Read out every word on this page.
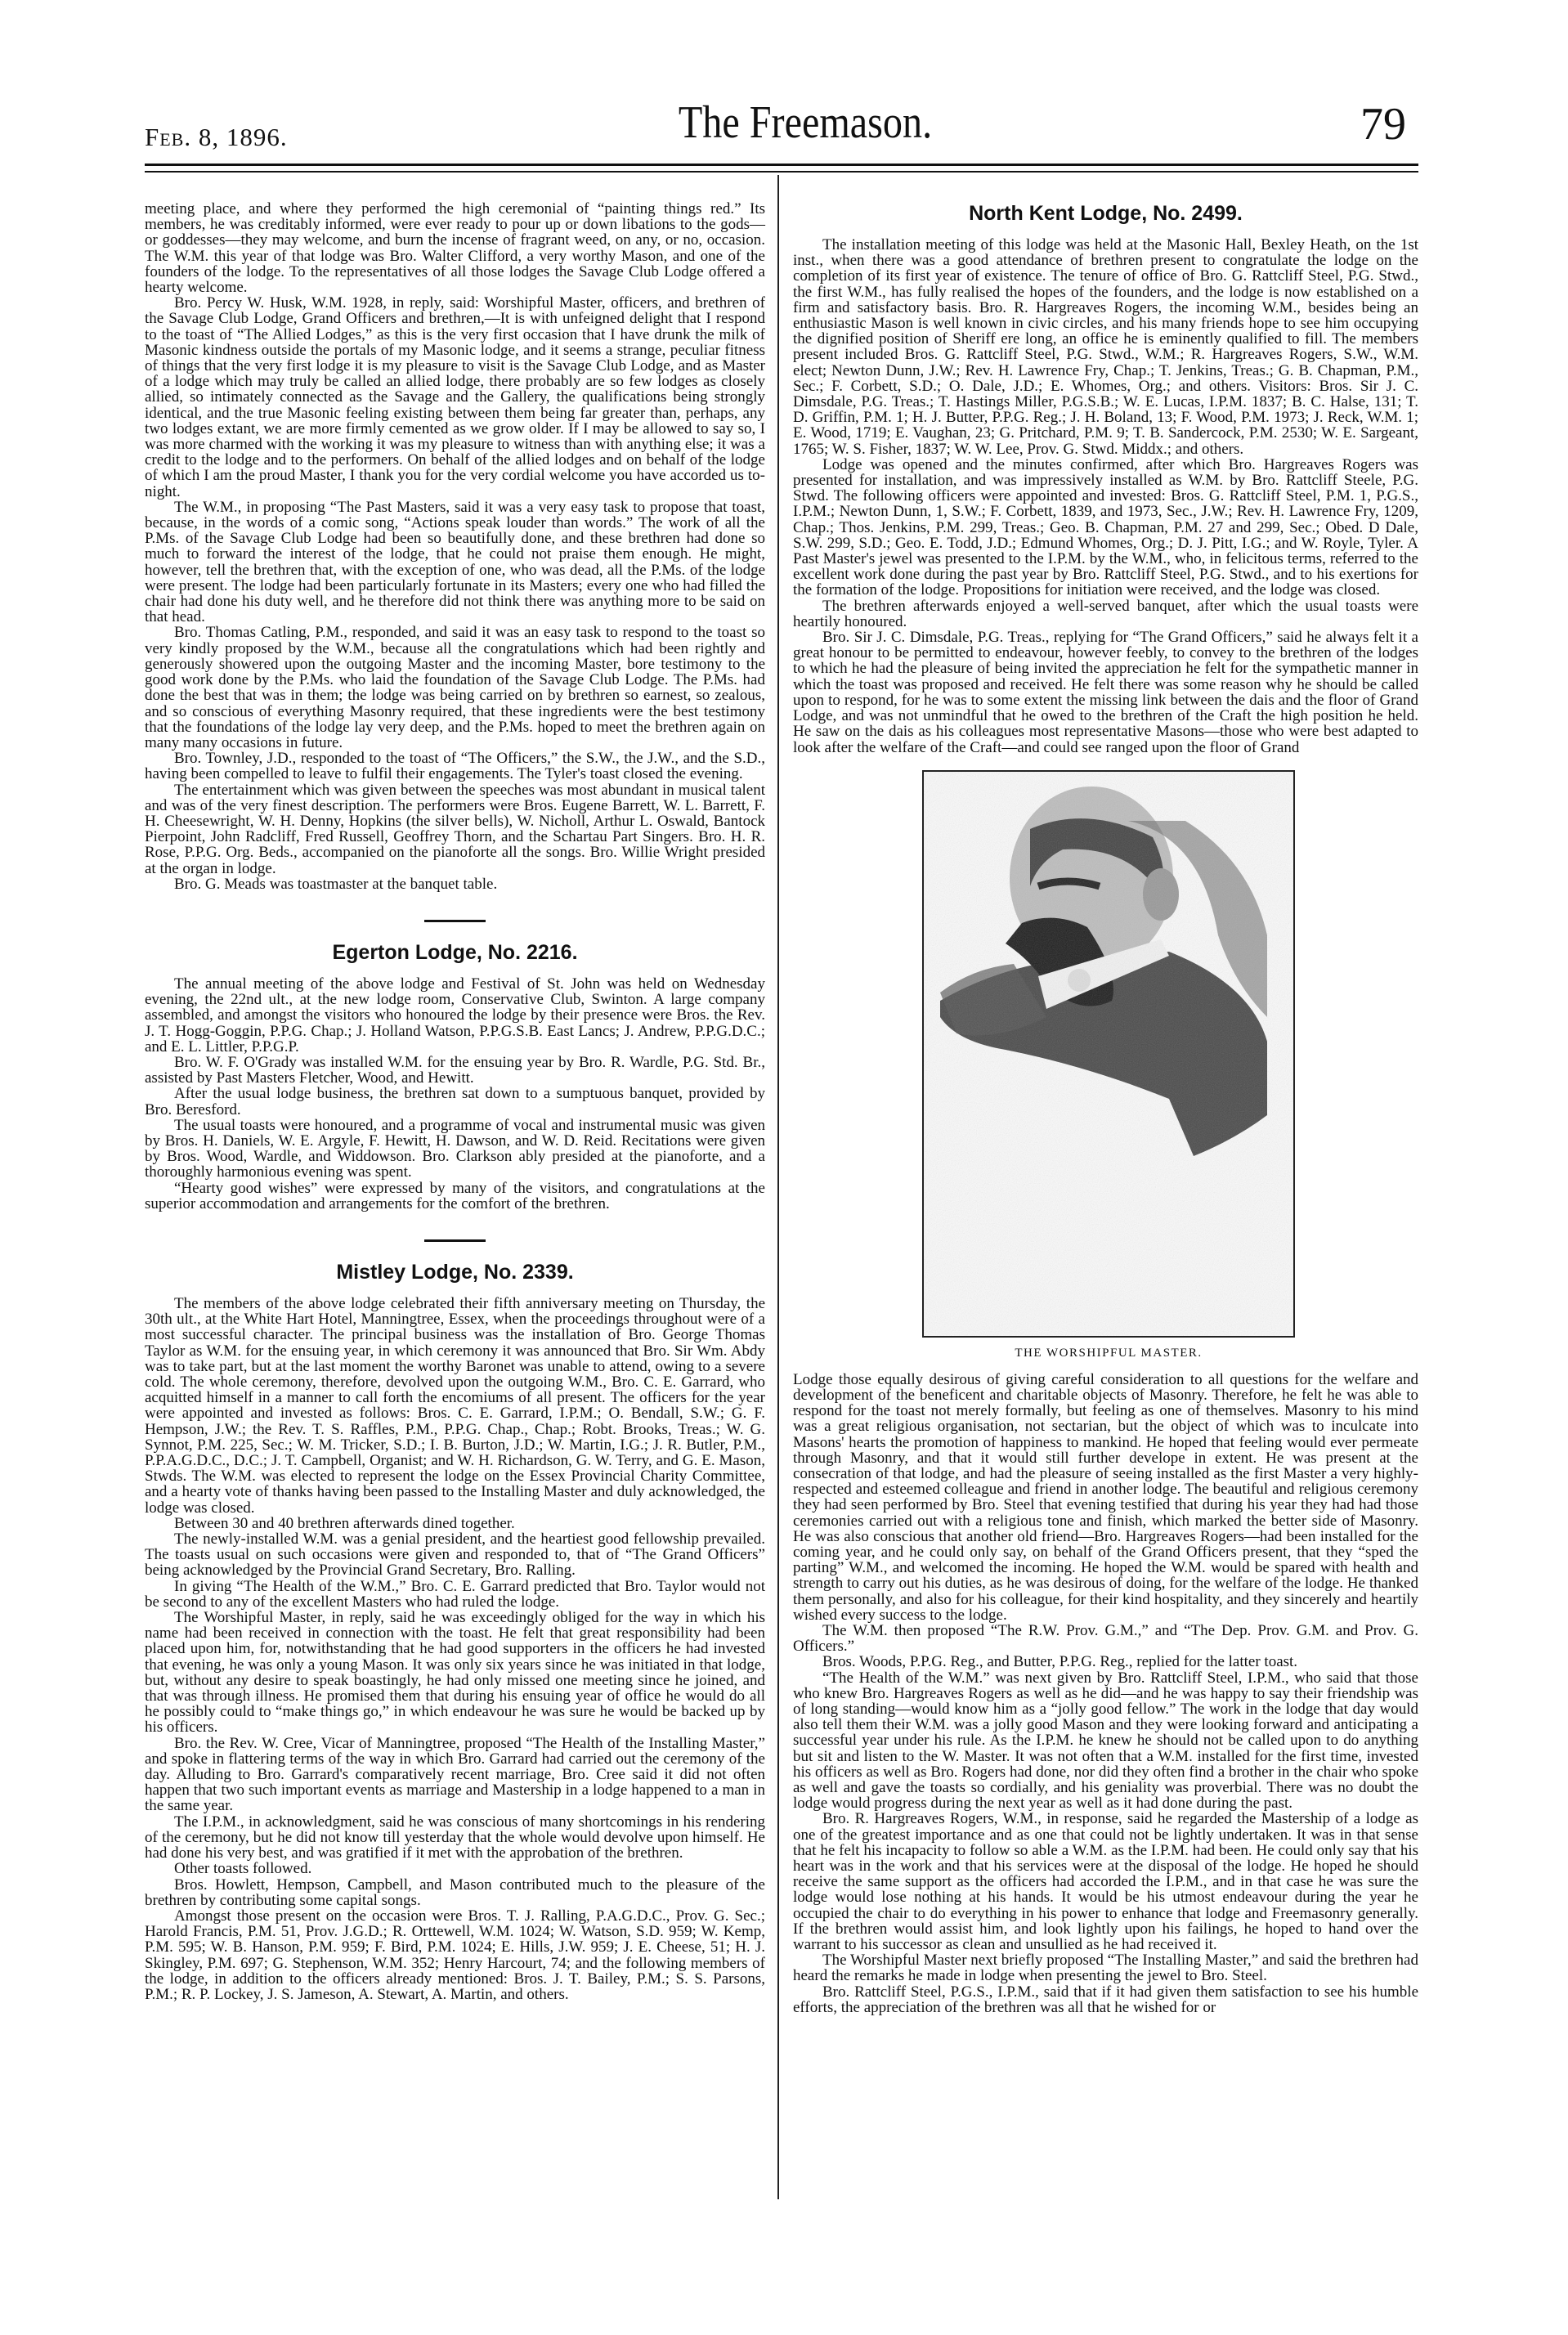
Feb. 8, 1896.	The Freemason.	79

meeting place, and where they performed the high ceremonial of “painting things red.” Its members, he was creditably informed, were ever ready to pour up or down libations to the gods—or goddesses—they may welcome, and burn the incense of fragrant weed, on any, or no, occasion. The W.M. this year of that lodge was Bro. Walter Clifford, a very worthy Mason, and one of the founders of the lodge. To the representatives of all those lodges the Savage Club Lodge offered a hearty welcome.

Bro. Percy W. Husk, W.M. 1928, in reply, said: Worshipful Master, officers, and brethren of the Savage Club Lodge, Grand Officers and brethren,—It is with unfeigned delight that I respond to the toast of “The Allied Lodges,” as this is the very first occasion that I have drunk the milk of Masonic kindness outside the portals of my Masonic lodge, and it seems a strange, peculiar fitness of things that the very first lodge it is my pleasure to visit is the Savage Club Lodge, and as Master of a lodge which may truly be called an allied lodge, there probably are so few lodges as closely allied, so intimately connected as the Savage and the Gallery, the qualifications being strongly identical, and the true Masonic feeling existing between them being far greater than, perhaps, any two lodges extant, we are more firmly cemented as we grow older. If I may be allowed to say so, I was more charmed with the working it was my pleasure to witness than with anything else; it was a credit to the lodge and to the performers. On behalf of the allied lodges and on behalf of the lodge of which I am the proud Master, I thank you for the very cordial welcome you have accorded us to-night.

The W.M., in proposing “The Past Masters, said it was a very easy task to propose that toast, because, in the words of a comic song, “Actions speak louder than words.” The work of all the P.Ms. of the Savage Club Lodge had been so beautifully done, and these brethren had done so much to forward the interest of the lodge, that he could not praise them enough. He might, however, tell the brethren that, with the exception of one, who was dead, all the P.Ms. of the lodge were present. The lodge had been particularly fortunate in its Masters; every one who had filled the chair had done his duty well, and he therefore did not think there was anything more to be said on that head.

Bro. Thomas Catling, P.M., responded, and said it was an easy task to respond to the toast so very kindly proposed by the W.M., because all the congratulations which had been rightly and generously showered upon the outgoing Master and the incoming Master, bore testimony to the good work done by the P.Ms. who laid the foundation of the Savage Club Lodge. The P.Ms. had done the best that was in them; the lodge was being carried on by brethren so earnest, so zealous, and so conscious of everything Masonry required, that these ingredients were the best testimony that the foundations of the lodge lay very deep, and the P.Ms. hoped to meet the brethren again on many many occasions in future.

Bro. Townley, J.D., responded to the toast of “The Officers,” the S.W., the J.W., and the S.D., having been compelled to leave to fulfil their engagements. The Tyler's toast closed the evening.

The entertainment which was given between the speeches was most abundant in musical talent and was of the very finest description. The performers were Bros. Eugene Barrett, W. L. Barrett, F. H. Cheesewright, W. H. Denny, Hopkins (the silver bells), W. Nicholl, Arthur L. Oswald, Bantock Pierpoint, John Radcliff, Fred Russell, Geoffrey Thorn, and the Schartau Part Singers. Bro. H. R. Rose, P.P.G. Org. Beds., accompanied on the pianoforte all the songs. Bro. Willie Wright presided at the organ in lodge.

Bro. G. Meads was toastmaster at the banquet table.

Egerton Lodge, No. 2216.

The annual meeting of the above lodge and Festival of St. John was held on Wednesday evening, the 22nd ult., at the new lodge room, Conservative Club, Swinton. A large company assembled, and amongst the visitors who honoured the lodge by their presence were Bros. the Rev. J. T. Hogg-Goggin, P.P.G. Chap.; J. Holland Watson, P.P.G.S.B. East Lancs; J. Andrew, P.P.G.D.C.; and E. L. Littler, P.P.G.P.

Bro. W. F. O'Grady was installed W.M. for the ensuing year by Bro. R. Wardle, P.G. Std. Br., assisted by Past Masters Fletcher, Wood, and Hewitt.

After the usual lodge business, the brethren sat down to a sumptuous banquet, provided by Bro. Beresford.

The usual toasts were honoured, and a programme of vocal and instrumental music was given by Bros. H. Daniels, W. E. Argyle, F. Hewitt, H. Dawson, and W. D. Reid. Recitations were given by Bros. Wood, Wardle, and Widdowson. Bro. Clarkson ably presided at the pianoforte, and a thoroughly harmonious evening was spent.

“Hearty good wishes” were expressed by many of the visitors, and congratulations at the superior accommodation and arrangements for the comfort of the brethren.

Mistley Lodge, No. 2339.

The members of the above lodge celebrated their fifth anniversary meeting on Thursday, the 30th ult., at the White Hart Hotel, Manningtree, Essex, when the proceedings throughout were of a most successful character. The principal business was the installation of Bro. George Thomas Taylor as W.M. for the ensuing year, in which ceremony it was announced that Bro. Sir Wm. Abdy was to take part, but at the last moment the worthy Baronet was unable to attend, owing to a severe cold. The whole ceremony, therefore, devolved upon the outgoing W.M., Bro. C. E. Garrard, who acquitted himself in a manner to call forth the encomiums of all present. The officers for the year were appointed and invested as follows: Bros. C. E. Garrard, I.P.M.; O. Bendall, S.W.; G. F. Hempson, J.W.; the Rev. T. S. Raffles, P.M., P.P.G. Chap., Chap.; Robt. Brooks, Treas.; W. G. Synnot, P.M. 225, Sec.; W. M. Tricker, S.D.; I. B. Burton, J.D.; W. Martin, I.G.; J. R. Butler, P.M., P.P.A.G.D.C., D.C.; J. T. Campbell, Organist; and W. H. Richardson, G. W. Terry, and G. E. Mason, Stwds. The W.M. was elected to represent the lodge on the Essex Provincial Charity Committee, and a hearty vote of thanks having been passed to the Installing Master and duly acknowledged, the lodge was closed.

Between 30 and 40 brethren afterwards dined together.

The newly-installed W.M. was a genial president, and the heartiest good fellowship prevailed. The toasts usual on such occasions were given and responded to, that of “The Grand Officers” being acknowledged by the Provincial Grand Secretary, Bro. Ralling.

In giving “The Health of the W.M.,” Bro. C. E. Garrard predicted that Bro. Taylor would not be second to any of the excellent Masters who had ruled the lodge.

The Worshipful Master, in reply, said he was exceedingly obliged for the way in which his name had been received in connection with the toast. He felt that great responsibility had been placed upon him, for, notwithstanding that he had good supporters in the officers he had invested that evening, he was only a young Mason. It was only six years since he was initiated in that lodge, but, without any desire to speak boastingly, he had only missed one meeting since he joined, and that was through illness. He promised them that during his ensuing year of office he would do all he possibly could to “make things go,” in which endeavour he was sure he would be backed up by his officers.

Bro. the Rev. W. Cree, Vicar of Manningtree, proposed “The Health of the Installing Master,” and spoke in flattering terms of the way in which Bro. Garrard had carried out the ceremony of the day. Alluding to Bro. Garrard's comparatively recent marriage, Bro. Cree said it did not often happen that two such important events as marriage and Mastership in a lodge happened to a man in the same year.

The I.P.M., in acknowledgment, said he was conscious of many shortcomings in his rendering of the ceremony, but he did not know till yesterday that the whole would devolve upon himself. He had done his very best, and was gratified if it met with the approbation of the brethren.

Other toasts followed.

Bros. Howlett, Hempson, Campbell, and Mason contributed much to the pleasure of the brethren by contributing some capital songs.

Amongst those present on the occasion were Bros. T. J. Ralling, P.A.G.D.C., Prov. G. Sec.; Harold Francis, P.M. 51, Prov. J.G.D.; R. Orttewell, W.M. 1024; W. Watson, S.D. 959; W. Kemp, P.M. 595; W. B. Hanson, P.M. 959; F. Bird, P.M. 1024; E. Hills, J.W. 959; J. E. Cheese, 51; H. J. Skingley, P.M. 697; G. Stephenson, W.M. 352; Henry Harcourt, 74; and the following members of the lodge, in addition to the officers already mentioned: Bros. J. T. Bailey, P.M.; S. S. Parsons, P.M.; R. P. Lockey, J. S. Jameson, A. Stewart, A. Martin, and others.

North Kent Lodge, No. 2499.

The installation meeting of this lodge was held at the Masonic Hall, Bexley Heath, on the 1st inst., when there was a good attendance of brethren present to congratulate the lodge on the completion of its first year of existence. The tenure of office of Bro. G. Rattcliff Steel, P.G. Stwd., the first W.M., has fully realised the hopes of the founders, and the lodge is now established on a firm and satisfactory basis. Bro. R. Hargreaves Rogers, the incoming W.M., besides being an enthusiastic Mason is well known in civic circles, and his many friends hope to see him occupying the dignified position of Sheriff ere long, an office he is eminently qualified to fill. The members present included Bros. G. Rattcliff Steel, P.G. Stwd., W.M.; R. Hargreaves Rogers, S.W., W.M. elect; Newton Dunn, J.W.; Rev. H. Lawrence Fry, Chap.; T. Jenkins, Treas.; G. B. Chapman, P.M., Sec.; F. Corbett, S.D.; O. Dale, J.D.; E. Whomes, Org.; and others. Visitors: Bros. Sir J. C. Dimsdale, P.G. Treas.; T. Hastings Miller, P.G.S.B.; W. E. Lucas, I.P.M. 1837; B. C. Halse, 131; T. D. Griffin, P.M. 1; H. J. Butter, P.P.G. Reg.; J. H. Boland, 13; F. Wood, P.M. 1973; J. Reck, W.M. 1; E. Wood, 1719; E. Vaughan, 23; G. Pritchard, P.M. 9; T. B. Sandercock, P.M. 2530; W. E. Sargeant, 1765; W. S. Fisher, 1837; W. W. Lee, Prov. G. Stwd. Middx.; and others.

Lodge was opened and the minutes confirmed, after which Bro. Hargreaves Rogers was presented for installation, and was impressively installed as W.M. by Bro. Rattcliff Steele, P.G. Stwd. The following officers were appointed and invested: Bros. G. Rattcliff Steel, P.M. 1, P.G.S., I.P.M.; Newton Dunn, 1, S.W.; F. Corbett, 1839, and 1973, Sec., J.W.; Rev. H. Lawrence Fry, 1209, Chap.; Thos. Jenkins, P.M. 299, Treas.; Geo. B. Chapman, P.M. 27 and 299, Sec.; Obed. D Dale, S.W. 299, S.D.; Geo. E. Todd, J.D.; Edmund Whomes, Org.; D. J. Pitt, I.G.; and W. Royle, Tyler. A Past Master's jewel was presented to the I.P.M. by the W.M., who, in felicitous terms, referred to the excellent work done during the past year by Bro. Rattcliff Steel, P.G. Stwd., and to his exertions for the formation of the lodge. Propositions for initiation were received, and the lodge was closed.

The brethren afterwards enjoyed a well-served banquet, after which the usual toasts were heartily honoured.

Bro. Sir J. C. Dimsdale, P.G. Treas., replying for “The Grand Officers,” said he always felt it a great honour to be permitted to endeavour, however feebly, to convey to the brethren of the lodges to which he had the pleasure of being invited the appreciation he felt for the sympathetic manner in which the toast was proposed and received. He felt there was some reason why he should be called upon to respond, for he was to some extent the missing link between the dais and the floor of Grand Lodge, and was not unmindful that he owed to the brethren of the Craft the high position he held. He saw on the dais as his colleagues most representative Masons—those who were best adapted to look after the welfare of the Craft—and could see ranged upon the floor of Grand

THE WORSHIPFUL MASTER.

Lodge those equally desirous of giving careful consideration to all questions for the welfare and development of the beneficent and charitable objects of Masonry. Therefore, he felt he was able to respond for the toast not merely formally, but feeling as one of themselves. Masonry to his mind was a great religious organisation, not sectarian, but the object of which was to inculcate into Masons' hearts the promotion of happiness to mankind. He hoped that feeling would ever permeate through Masonry, and that it would still further develope in extent. He was present at the consecration of that lodge, and had the pleasure of seeing installed as the first Master a very highly-respected and esteemed colleague and friend in another lodge. The beautiful and religious ceremony they had seen performed by Bro. Steel that evening testified that during his year they had had those ceremonies carried out with a religious tone and finish, which marked the better side of Masonry. He was also conscious that another old friend—Bro. Hargreaves Rogers—had been installed for the coming year, and he could only say, on behalf of the Grand Officers present, that they “sped the parting” W.M., and welcomed the incoming. He hoped the W.M. would be spared with health and strength to carry out his duties, as he was desirous of doing, for the welfare of the lodge. He thanked them personally, and also for his colleague, for their kind hospitality, and they sincerely and heartily wished every success to the lodge.

The W.M. then proposed “The R.W. Prov. G.M.,” and “The Dep. Prov. G.M. and Prov. G. Officers.”

Bros. Woods, P.P.G. Reg., and Butter, P.P.G. Reg., replied for the latter toast.

“The Health of the W.M.” was next given by Bro. Rattcliff Steel, I.P.M., who said that those who knew Bro. Hargreaves Rogers as well as he did—and he was happy to say their friendship was of long standing—would know him as a “jolly good fellow.” The work in the lodge that day would also tell them their W.M. was a jolly good Mason and they were looking forward and anticipating a successful year under his rule. As the I.P.M. he knew he should not be called upon to do anything but sit and listen to the W. Master. It was not often that a W.M. installed for the first time, invested his officers as well as Bro. Rogers had done, nor did they often find a brother in the chair who spoke as well and gave the toasts so cordially, and his geniality was proverbial. There was no doubt the lodge would progress during the next year as well as it had done during the past.

Bro. R. Hargreaves Rogers, W.M., in response, said he regarded the Mastership of a lodge as one of the greatest importance and as one that could not be lightly undertaken. It was in that sense that he felt his incapacity to follow so able a W.M. as the I.P.M. had been. He could only say that his heart was in the work and that his services were at the disposal of the lodge. He hoped he should receive the same support as the officers had accorded the I.P.M., and in that case he was sure the lodge would lose nothing at his hands. It would be his utmost endeavour during the year he occupied the chair to do everything in his power to enhance that lodge and Freemasonry generally. If the brethren would assist him, and look lightly upon his failings, he hoped to hand over the warrant to his successor as clean and unsullied as he had received it.

The Worshipful Master next briefly proposed “The Installing Master,” and said the brethren had heard the remarks he made in lodge when presenting the jewel to Bro. Steel.

Bro. Rattcliff Steel, P.G.S., I.P.M., said that if it had given them satisfaction to see his humble efforts, the appreciation of the brethren was all that he wished for or
